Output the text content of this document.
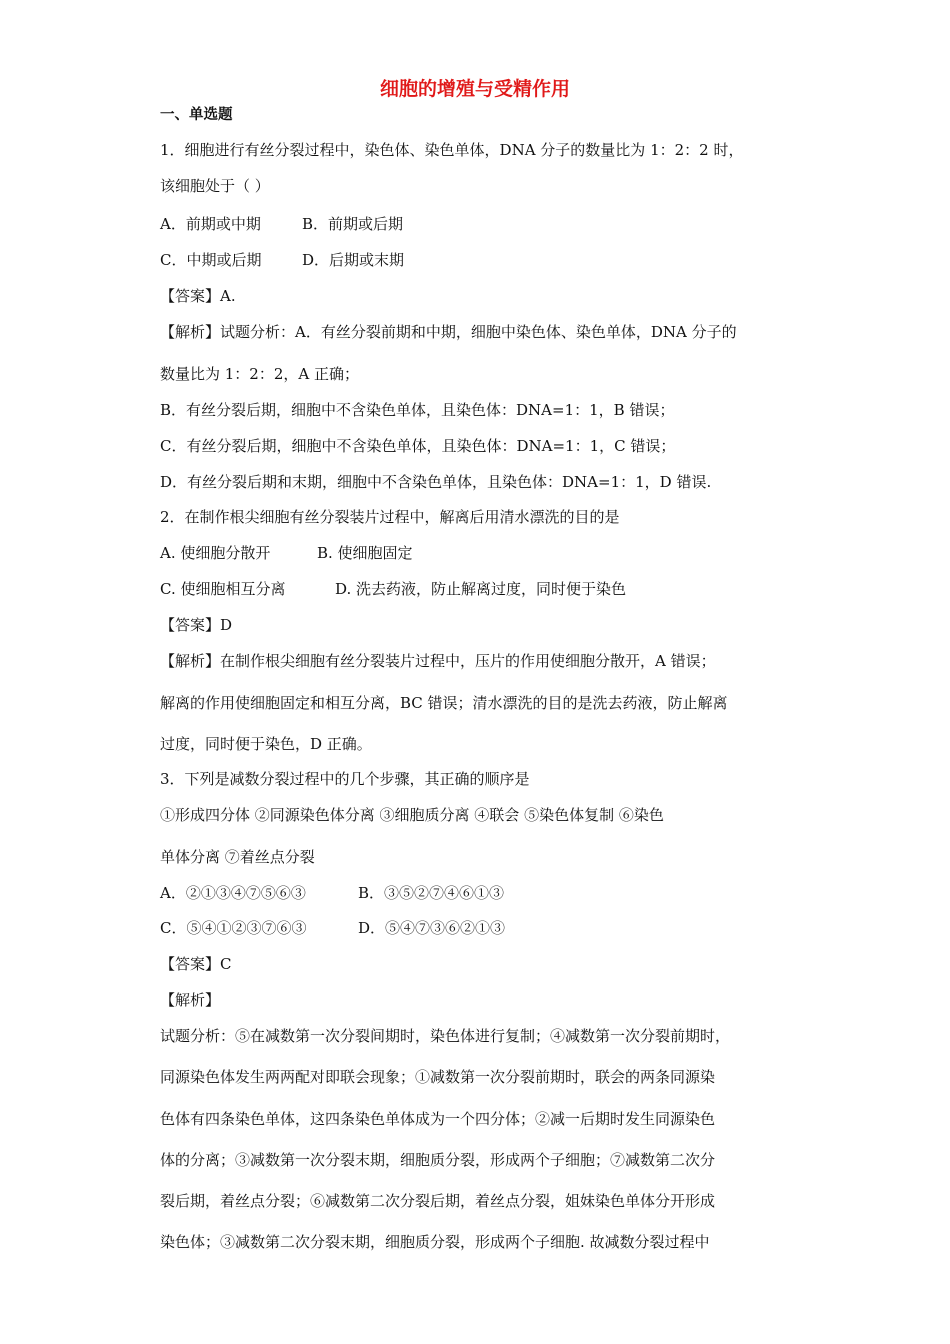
细胞的增殖与受精作用
一、单选题
1．细胞进行有丝分裂过程中，染色体、染色单体，DNA 分子的数量比为 1：2：2 时，
该细胞处于（ ）
A．前期或中期	B．前期或后期
C．中期或后期	D．后期或末期
【答案】A.
【解析】试题分析：A．有丝分裂前期和中期，细胞中染色体、染色单体，DNA 分子的
数量比为 1：2：2，A 正确；
B．有丝分裂后期，细胞中不含染色单体，且染色体：DNA=1：1，B 错误；
C．有丝分裂后期，细胞中不含染色单体，且染色体：DNA=1：1，C 错误；
D．有丝分裂后期和末期，细胞中不含染色单体，且染色体：DNA=1：1，D 错误.
2．在制作根尖细胞有丝分裂装片过程中，解离后用清水漂洗的目的是
A. 使细胞分散开	B. 使细胞固定
C. 使细胞相互分离	D. 洗去药液，防止解离过度，同时便于染色
【答案】D
【解析】在制作根尖细胞有丝分裂装片过程中，压片的作用使细胞分散开，A 错误；
解离的作用使细胞固定和相互分离，BC 错误；清水漂洗的目的是洗去药液，防止解离
过度，同时便于染色，D 正确。
3．下列是减数分裂过程中的几个步骤，其正确的顺序是
①形成四分体 ②同源染色体分离 ③细胞质分离 ④联会 ⑤染色体复制 ⑥染色
单体分离 ⑦着丝点分裂
A．②①③④⑦⑤⑥③	B．③⑤②⑦④⑥①③
C．⑤④①②③⑦⑥③	D．⑤④⑦③⑥②①③
【答案】C
【解析】
试题分析：⑤在减数第一次分裂间期时，染色体进行复制；④减数第一次分裂前期时，
同源染色体发生两两配对即联会现象；①减数第一次分裂前期时，联会的两条同源染
色体有四条染色单体，这四条染色单体成为一个四分体；②减一后期时发生同源染色
体的分离；③减数第一次分裂末期，细胞质分裂，形成两个子细胞；⑦减数第二次分
裂后期，着丝点分裂；⑥减数第二次分裂后期，着丝点分裂，姐妹染色单体分开形成
染色体；③减数第二次分裂末期，细胞质分裂，形成两个子细胞. 故减数分裂过程中
